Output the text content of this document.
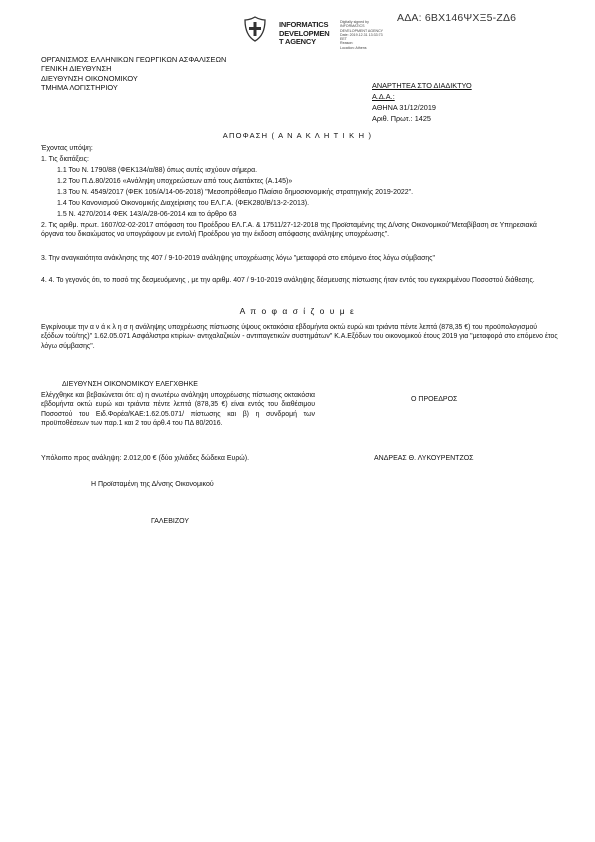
ΑΔΑ: 6ΒΧ146ΨΧΞ5-ΖΔ6
INFORMATICS
DEVELOPMEN
T AGENCY
Digitally signed by
INFORMATICS
DEVELOPMENT AGENCY
Date: 2019.12.31 13:33:73
EET
Reason:
Location: Athens
ΟΡΓΑΝΙΣΜΟΣ ΕΛΛΗΝΙΚΩΝ ΓΕΩΡΓΙΚΩΝ ΑΣΦΑΛΙΣΕΩΝ
ΓΕΝΙΚΗ ΔΙΕΥΘΥΝΣΗ
ΔΙΕΥΘΥΝΣΗ ΟΙΚΟΝΟΜΙΚΟΥ
ΤΜΗΜΑ ΛΟΓΙΣΤΗΡΙΟΥ	ΑΝΑΡΤΗΤΕΑ ΣΤΟ ΔΙΑΔΙΚΤΥΟ
Α.Δ.Α.:
ΑΘΗΝΑ 31/12/2019
Αριθ. Πρωτ.: 1425
ΑΠΟΦΑΣΗ ( Α Ν Α Κ Λ Η Τ Ι Κ Η )
Έχοντας υπόψη:
1. Τις διατάξεις:
1.1 Του Ν. 1790/88 (ΦΕΚ134/α/88) όπως αυτές ισχύουν σήμερα.
1.2 Του Π.Δ.80/2016 «Ανάληψη υποχρεώσεων από τους Διατάκτες (Α.145)»
1.3 Του Ν. 4549/2017 (ΦΕΚ 105/Α/14-06-2018) "Μεσοπρόθεσμο Πλαίσιο δημοσιονομικής στρατηγικής 2019-2022".
1.4 Του Κανονισμού Οικονομικής Διαχείρισης του ΕΛ.Γ.Α. (ΦΕΚ280/Β/13-2-2013).
1.5 Ν. 4270/2014 ΦΕΚ 143/Α/28-06-2014 και το άρθρο 63
2. Τις αριθμ. πρωτ. 1607/02-02-2017 απόφαση του Προέδρου ΕΛ.Γ.Α. & 17511/27-12-2018 της Προϊσταμένης της Δ/νσης Οικονομικού"Μεταβίβαση σε Υπηρεσιακά όργανα του δικαιώματος να υπογράφουν με εντολή Προέδρου για την έκδοση απόφασης ανάληψης υποχρέωσης".
3. Την αναγκαιότητα ανάκλησης της 407 / 9-10-2019 ανάληψης υποχρέωσης λόγω "μεταφορά στο επόμενο έτος λόγω σύμβασης"
4. 4. Το γεγονός ότι, το ποσό της δεσμευόμενης , με την αριθμ. 407 / 9-10-2019 ανάληψης δέσμευσης πίστωσης ήταν εντός του εγκεκριμένου Ποσοστού διάθεσης.
Α π ο φ α σ ί ζ ο υ μ ε
Εγκρίνουμε την α ν ά κ λ η σ η ανάληψης υποχρέωσης πίστωσης ύψους οκτακόσια εβδομήντα οκτώ ευρώ και τριάντα πέντε λεπτά (878,35 €) του προϋπολογισμού εξόδων τού/της)" 1.62.05.071 Ασφάλιστρα κτιρίων- αντιχαλαζικών - αντιπαγετικών συστημάτων" Κ.Α.Εξόδων του οικονομικού έτους 2019 για "μεταφορά στο επόμενο έτος λόγω σύμβασης".
ΔΙΕΥΘΥΝΣΗ ΟΙΚΟΝΟΜΙΚΟΥ ΕΛΕΓΧΘΗΚΕ
Ελέγχθηκε και βεβαιώνεται ότι: α) η ανωτέρω ανάληψη υποχρέωσης πίστωσης οκτακόσια εβδομήντα οκτώ ευρώ και τριάντα πέντε λεπτά (878,35 €) είναι εντός του διαθέσιμου Ποσοστού του Ειδ.Φορέα/ΚΑΕ:1.62.05.071/ πίστωσης και β) η συνδρομή των προϋποθέσεων των παρ.1 και 2 του άρθ.4 του ΠΔ 80/2016.
Υπόλοιπο προς ανάληψη: 2.012,00 € (δύο χιλιάδες δώδεκα Ευρώ).
Η Προϊσταμένη της Δ/νσης Οικονομικού
ΓΑΛΕΒΙΖΟΥ
Ο ΠΡΟΕΔΡΟΣ
ΑΝΔΡΕΑΣ Θ. ΛΥΚΟΥΡΕΝΤΖΟΣ
